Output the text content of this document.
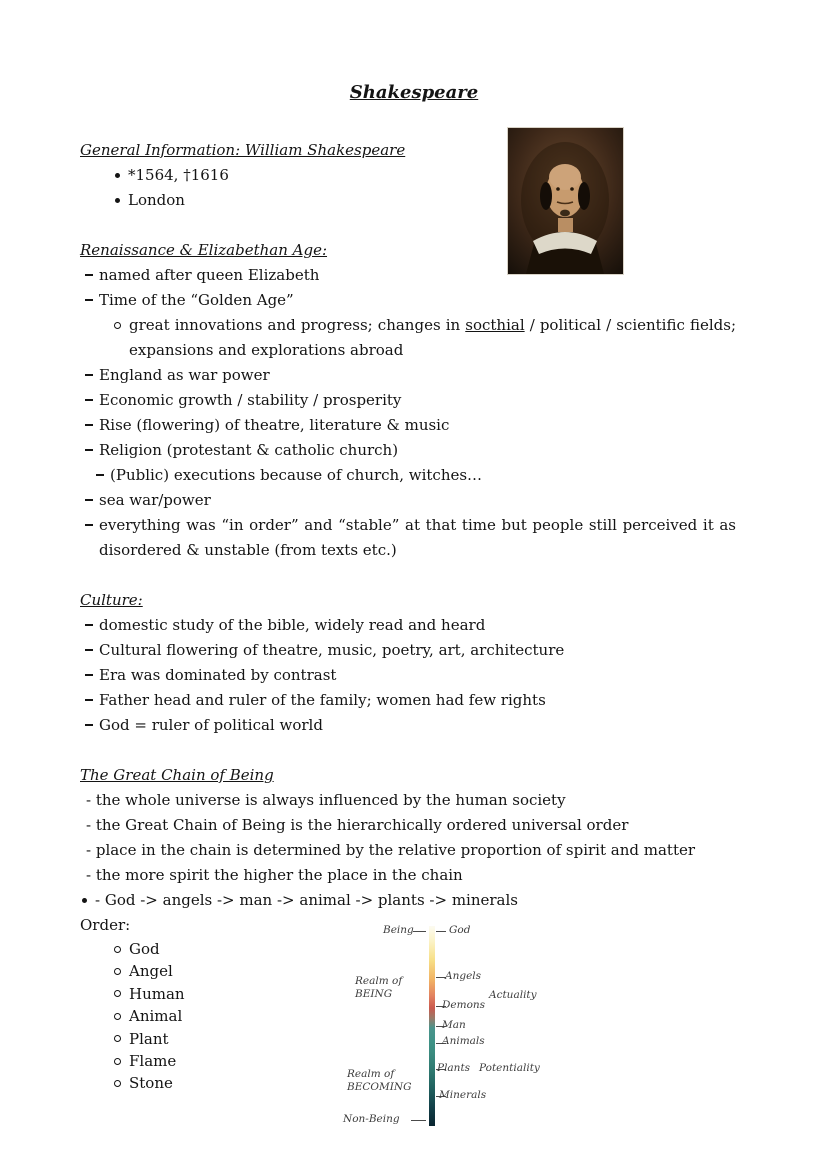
Shakespeare
General Information: William Shakespeare
*1564, †1616
London
Renaissance & Elizabethan Age:
named after queen Elizabeth
Time of the “Golden Age”
great innovations and progress; changes in socthial / political / scientific fields; expansions and explorations abroad
England as war power
Economic growth / stability / prosperity
Rise (flowering) of theatre, literature & music
Religion (protestant & catholic church)
(Public) executions because of church, witches…
sea war/power
everything was “in order” and “stable” at that time but people still perceived it as disordered & unstable (from texts etc.)
Culture:
domestic study of the bible, widely read and heard
Cultural flowering of theatre, music, poetry, art, architecture
Era was dominated by contrast
Father head and ruler of the family; women had few rights
God = ruler of political world
The Great Chain of Being
- the whole universe is always influenced by the human society
- the Great Chain of Being is the hierarchically ordered universal order
- place in the chain is determined by the relative proportion of spirit and matter
- the more spirit the higher the place in the chain
- God -> angels -> man -> animal -> plants -> minerals
Order:
God
Angel
Human
Animal
Plant
Flame
Stone
Being	God
Angels
Realm of
BEING
Demons
Actuality
Man
Animals
Plants Potentiality
Realm of
BECOMING
Minerals
Non-Being
